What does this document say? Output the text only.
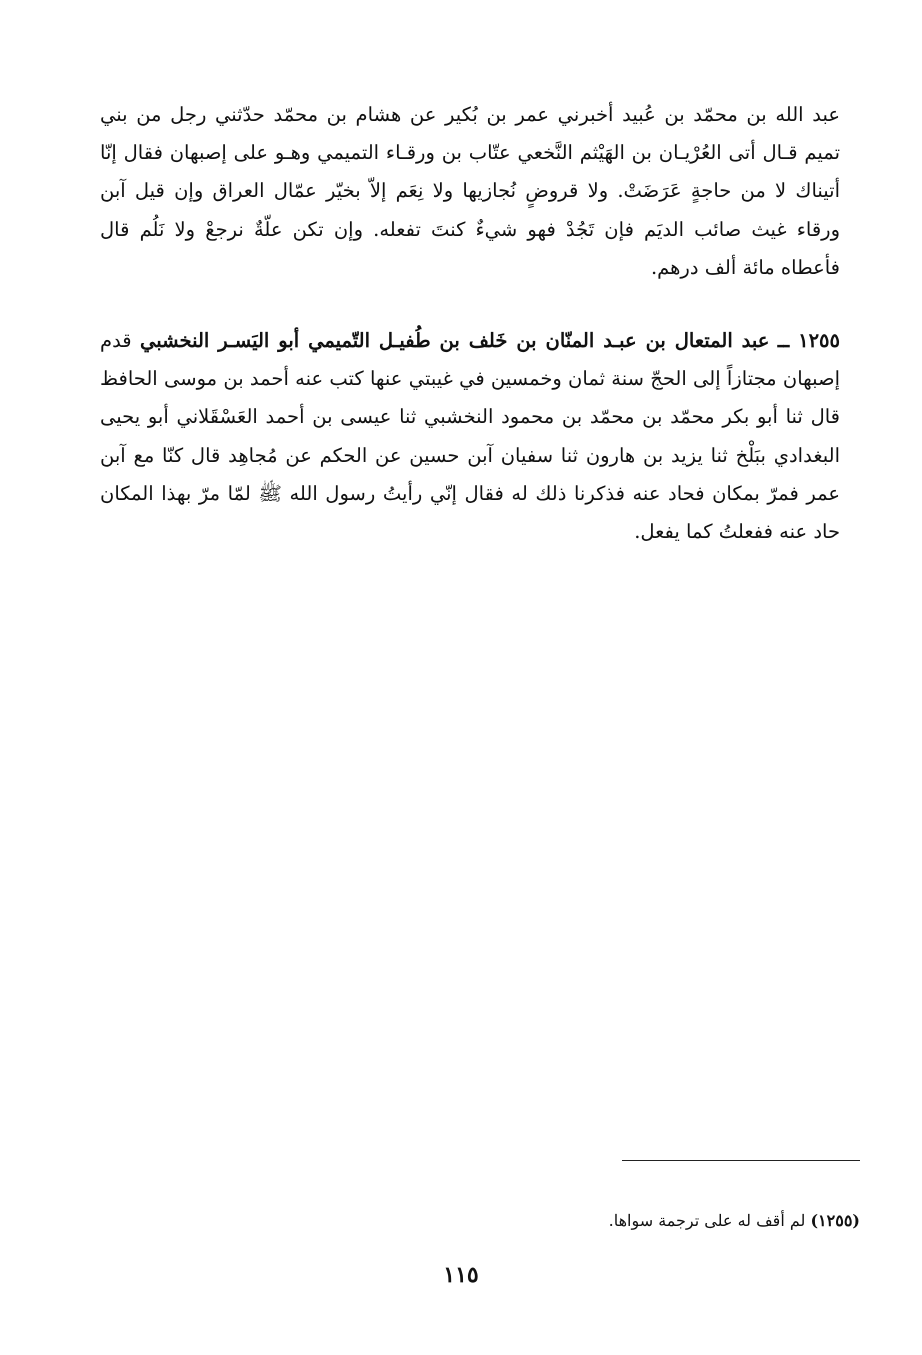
عبد الله بن محمّد بن عُبيد أخبرني عمر بن بُكير عن هشام بن محمّد حدّثني رجل من بني تميم قـال أتى العُرْيـان بن الهَيْثم النَّخعي عتّاب بن ورقـاء التميمي وهـو على إصبهان فقال إنّا أتيناك لا من حاجةٍ عَرَضَتْ. ولا قروضٍ نُجازيها ولا نِعَم إلاّ بخيّر عمّال العراق وإن قيل آبن ورقاء غيث صائب الديَم فإن تَجُدْ فهو شيءٌ كنتَ تفعله. وإن تكن علّةٌ نرجعْ ولا نَلُم قال فأعطاه مائة ألف درهم.

١٢٥٥ ــ عبد المتعال بن عبـد المنّان بن خَلف بن طُفيـل التّميمي أبو اليَسـر النخشبي قدم إصبهان مجتازاً إلى الحجّ سنة ثمان وخمسين في غيبتي عنها كتب عنه أحمد بن موسى الحافظ قال ثنا أبو بكر محمّد بن محمّد بن محمود النخشبي ثنا عيسى بن أحمد العَسْقَلاني أبو يحيى البغدادي ببَلْخ ثنا يزيد بن هارون ثنا سفيان آبن حسين عن الحكم عن مُجاهِد قال كنّا مع آبن عمر فمرّ بمكان فحاد عنه فذكرنا ذلك له فقال إنّي رأيتُ رسول الله ﷺ لمّا مرّ بهذا المكان حاد عنه ففعلتُ كما يفعل.

(١٢٥٥) لم أقف له على ترجمة سواها.
١١٥
